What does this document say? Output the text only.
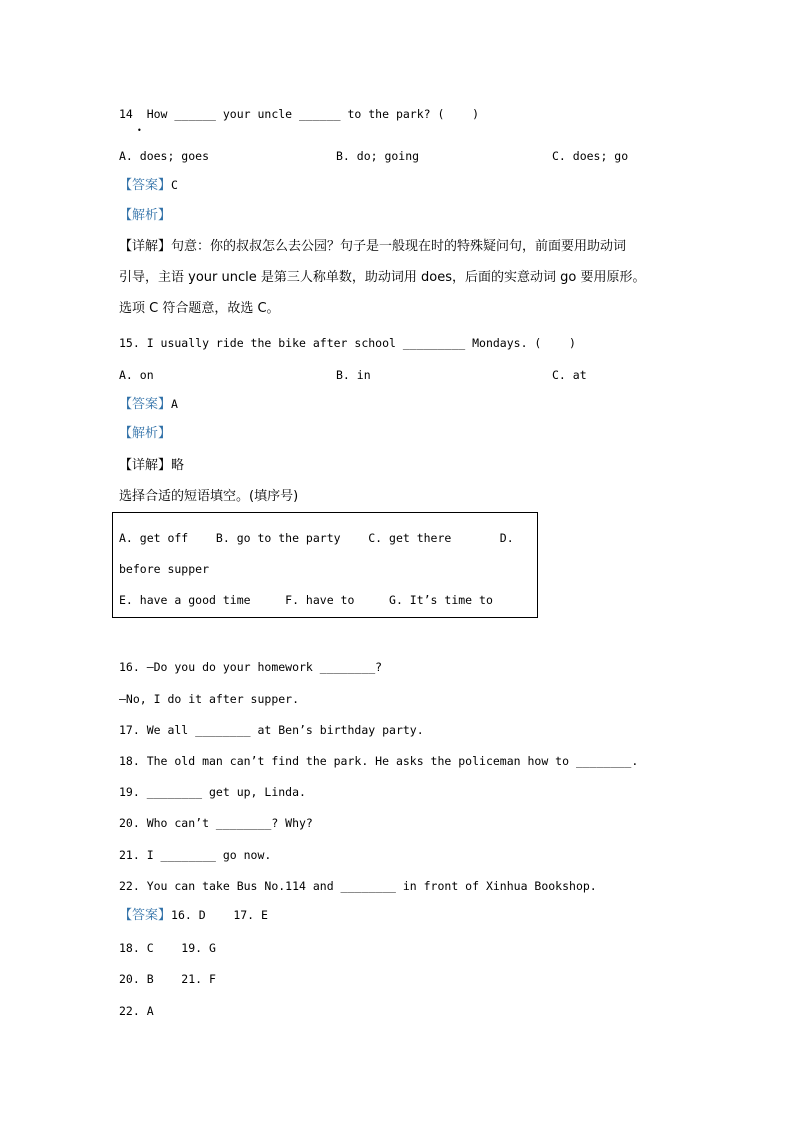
14  How ______ your uncle ______ to the park? (    )
•
A. does; goes	B. do; going	C. does; go
【答案】C
【解析】
【详解】句意：你的叔叔怎么去公园？句子是一般现在时的特殊疑问句，前面要用助动词
引导，主语 your uncle 是第三人称单数，助动词用 does，后面的实意动词 go 要用原形。
选项 C 符合题意，故选 C。
15. I usually ride the bike after school _________ Mondays. (    )
A. on	B. in	C. at
【答案】A
【解析】
【详解】略
选择合适的短语填空。(填序号)
A. get off    B. go to the party    C. get there       D.
before supper
E. have a good time     F. have to     G. It’s time to
16. —Do you do your homework ________?
—No, I do it after supper.
17. We all ________ at Ben’s birthday party.
18. The old man can’t find the park. He asks the policeman how to ________.
19. ________ get up, Linda.
20. Who can’t ________? Why?
21. I ________ go now.
22. You can take Bus No.114 and ________ in front of Xinhua Bookshop.
【答案】16. D    17. E
18. C    19. G
20. B    21. F
22. A
